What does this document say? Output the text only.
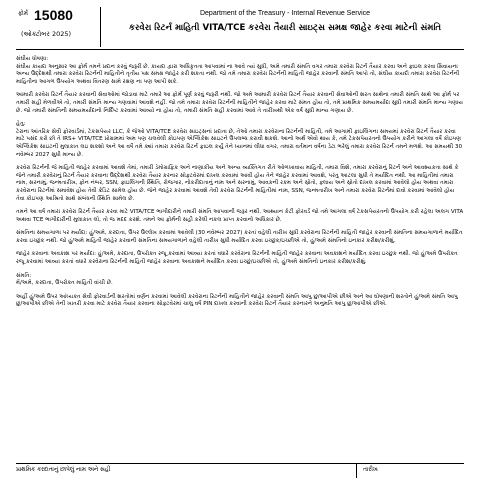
ફોર્મ 15080
(ઓક્ટોબર 2025)
Department of the Treasury - Internal Revenue Service
કરવેરા રિટર્ન માહિતી VITA/TCE કરવેરા તૈયારી સાઇટ્સ સમક્ષ જાહેર કરવા માટેની સંમતિ
સંઘીય ધોષણા:

સંઘીય કાયદા અનુસાર આ ફોર્મ તમને પ્રદાન કરવું જરૂરી છે. કાયદા દ્વારા અધિકૃતતા આપવામાં ના આવે ત્યાં સુધી, અમે તમારી સંમતિ વગર તમારા કરવેરા રિટર્ન તૈયાર કરવા અને ફાઇલ કરવા સિવાયના અન્ય ઉદ્દેશથી તમારા કરવેરા રિટર્નની માહિતીને તૃતીય પક્ષ સમક્ષ જાહેર કરી શકતા નથી. જો તમે તમારા કરવેરા રિટર્નની માહિતી જાહેર કરવાની સંમતિ આપો તો, સંઘીય કાયદો તમારા કરવેરા રિટર્નની માહિતીના આગળ ઉપયોગ અથવા વિતરણ સામે રક્ષણ ના પણ આપી શકે.

આમારી કરવેરા રિટર્ન તૈયાર કરવાની સેવાઓમાં જોડાવા માટે તમારે આ ફોર્મ પૂર્ણ કરવું જરૂરી નથી. જો અમે આમારી કરવેરા રિટર્ન તૈયાર કરવાની સેવાઓની શરત સાથેના તમારી સંમતિ સાથે આ ફોર્મ પર તમારી સહી મેળવીએ તો, તમારી સંમતિ માન્ય ગણવામાં આવશે નહીં. જો તમે તમારા કરવેરા રિટર્નની માહિતીને જાહેર કરવા માટે સંમત હોય તો, તમે પ્રાથમિક સમયમર્યાદા સુધી તમારી સંમતિ માન્ય ગણાય છે. જો તમારી સંમતિની સમયમર્યાદાનો નિર્દિષ્ટ કરવામાં આવ્યો ના હોય તો, તમારી સંમતિ સહી કરવામાં આવે તે તારીખથી એક વર્ષ સુધી માન્ય ગણાય છે.

હેતુ:

ટેરાના આંતરિક સેવી ફોરવાર્ડમાં, ટેકસપેયર LLC, કે જેઓ VITA/TCE કરવેરા સાઇટ્સનાં પ્રદાતા છે, તેઓ તમારા કરવેરાના રિટર્નની માહિતી, તમે આગામી ફાઇલિંગના સમયમાં કરવેરા રિટર્ન તૈયાર કરવા માટે પસંદ કરો છો તે IRS+ VITA/TCE પ્રોગ્રામમાં અમ પણ ચલવેલી કોઇપણ એપ્લિકેશ સાઇટને ઉપલબ્ધ કરાવી શકશે. આનો અર્થ એવો થાય કે, તમે ટેકસપેયરતનો ઉપયોગ કરીને આગલા વર્ષે કોઇપણ એપ્લિકેશ સાઇટની મુલાકાત લઇ શકશો અને આ વર્ષે તમે ક્યાં તમારા કરવેરા રિટર્ન ફાઇલ કર્યું તેને ધ્યાનમાં લીધા વગર, તમારા વર્તમાન વર્ષના ડેટા ભરેલું તમારા કરવેરા રિટર્ન તમને મળશે. આ સમયથી 30 નવેમ્બર 2027 સુધી માન્ય છે.

કરવેરા રિટર્નની જે માહિતી જાહેર કરવામાં આવશે તેમાં, તમારી ડેમોગ્રાફિક અને નાણાકીય અને અન્ય વ્યક્તિગત રીતે ઓળખાવાય માહિતી, તમારા વિશે, તમારા કરવેરાનું રિટર્ન અને આવશ્યકતા સાથે કે જેને તમારી કરવેરાનું રિટર્ન તૈયાર કરવાના ઉદ્દેશથી કરવેરા તૈયાર કરનાર સોફ્ટવેરમાં દાખલ કરવામાં આવી હોય તેને જાહેર કરવામાં આવશે, પરંતુ આટલા સુધી તે મર્યાદિત નથી. આ માહિતીમાં તમારા નામ, સરનામું, જન્મતારીખ, ફોન નંબર, SSN, ફાઇલિંગની સ્થિતિ, રોજગાર, નોકરીદાતાનું નામ અને સરનામું, આવકની રકમ અને સ્રોતો, ફ્લાય અને સ્રોતો દાખલ કરવામાં આવેલો હોય અથવા તમારા કરવેરાના રિટર્નમાં સમાવેશ હોય તેવી ક્રેડિટ સામેલ હોય છે. જેને જાહેર કરવામાં આવશે તેવી કરવેરા રિટર્નની માહિતીમાં નામ, SSN, જન્મતારીખ અને તમારા કરવેરા રિટર્નમાં દાવો કરવામાં આવેલો હોય તેવા કોઇપણ આશ્રિતો સાથે સંબંધની સ્થિતિ સામેલ છે.

તમને આ વર્ષ તમારા કરવેરા રિટર્ન તૈયાર કરવા માટે VITA/TCE ભાગીદારીને તમારી સંમતિ આપવાની જરૂર નથી. આથ્યાન કેટી ફોરવર્ડ જો તમે આગલા વર્ષ ટેકસપેયરતનો ઉપયોગ કરી રહેલા અલગ VITA અથવા TCE ભાગીદારીની મુલાકાત લો, તો જ મદદ કરશે. તમને આ ફોર્મની સહી કરેલી નકલ પ્રાપ્ત કરવાનો અધિકાર છે.

સંમતિના સમયગાળા પર મર્યાદા: હું/અમે, કરદાતા, ઉપર ઉલ્લેખ કરવામાં આવેલી (30 નવેમ્બર 2027) કરતાં વહેલી તારીખ સુધી કરવેરાના રિટર્નની માહિતી જાહેર કરવાની સંમતિના સમયગાળાને મર્યાદિત કરવા ઇચ્છુક નથી. જો હું/અમે માહિતી જાહેર કરવાની સંમતિના સમયગાળાને વહેલી તારીખ સુધી મર્યાદિત કરવા ઇચ્છુક/ઇચ્છીએ તો, હું/અમે સંમતિનો ઇનકાર કરીશ/કરીશું.

જાહેર કરવાના અવકાશ પર મર્યાદા: હું/અમે, કરદાતા, ઉપરોક્ત રજૂ કરવામાં આવ્યા કરતાં વધારે કરવેરાના રિટર્નની માહિતી જાહેર કરવાના અવકાશને મર્યાદિત કરવા ઇચ્છુક નથી. જો હું/અમે ઉપરોક્ત રજૂ કરવામાં આવ્યા કરતાં વધારે કરવેરાના રિટર્નની માહિતી જાહેર કરવાના અવકાશને મર્યાદિત કરવા ઇચ્છું/ઇચ્છીએ તો, હું/અમે સંમતિનો ઇનકાર કરીશ/કરીશું.

સંમતિ:

મેં/અમે, કરદાતા, ઉપરોક્ત માહિતી વાંચી છે.

અહીં હું/અમે ઉપર આંધ્યક્ત સેવી ફોરવાર્ડની શરતોમાં વર્ણન કરવામાં આવેલી કરવેરાના રિટર્નની માહિતીને જાહેર કરવાની સંમતિ આપુ છુ/આપીએ છીએ અને આ ઘોષણાની શરતોને હું/અમે સંમતિ આપુ છુ/આપીએ છીએ તેની ખાતરી કરવા માટે કરવેરા તૈયાર કરવાના સોફ્ટવેરમાં ચાલુ વર્ષ PIN દાખલ કરવાની કરવેરા રિટર્ન તૈયાર કરનારને અનુમતિ આપુ છુ/આપીએ છીએ.

પ્રાથમિક કરદાતાનું છાપેલું નામ અને સહી	તારીખ
